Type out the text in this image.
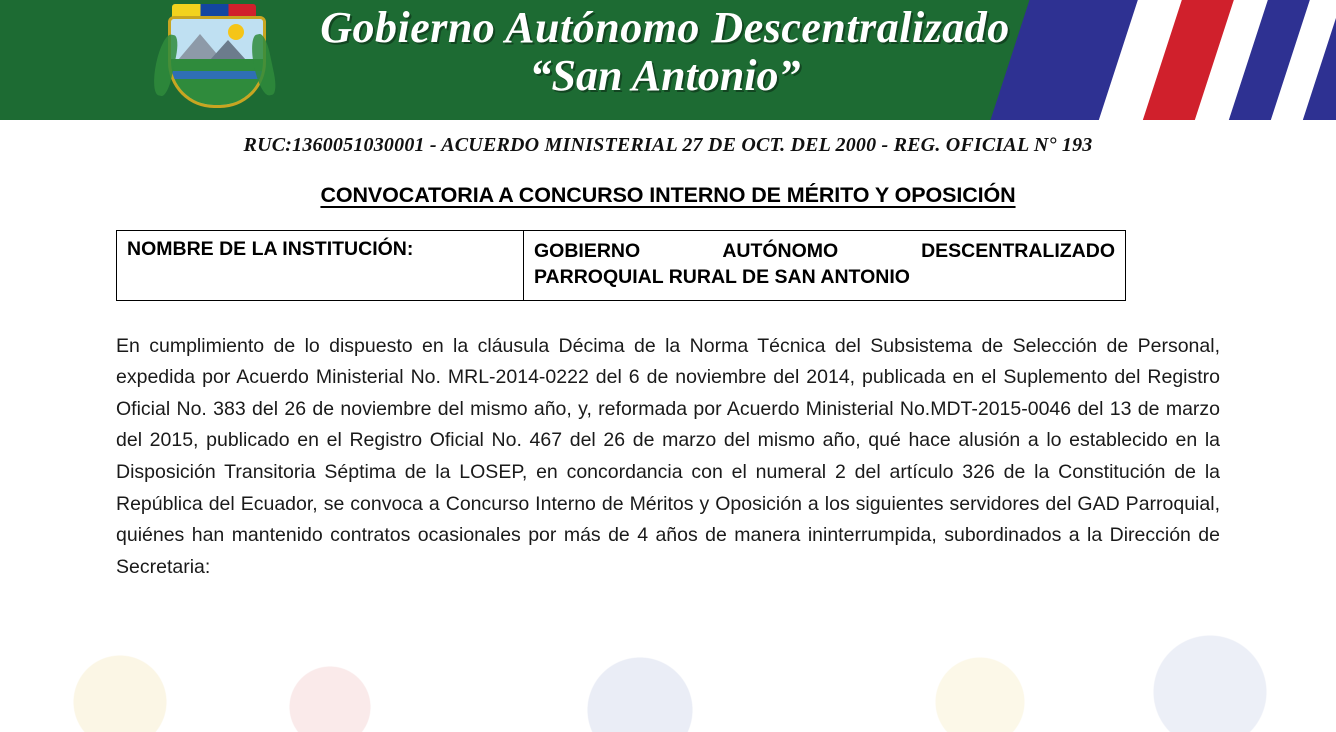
Gobierno Autónomo Descentralizado
“San Antonio”
RUC:1360051030001 - ACUERDO MINISTERIAL 27 DE OCT. DEL 2000 - REG. OFICIAL N° 193
CONVOCATORIA A CONCURSO INTERNO DE MÉRITO Y OPOSICIÓN
NOMBRE DE LA INSTITUCIÓN:	GOBIERNO AUTÓNOMO DESCENTRALIZADO
PARROQUIAL RURAL DE SAN ANTONIO

En cumplimiento de lo dispuesto en la cláusula Décima de la Norma Técnica del Subsistema de Selección de Personal, expedida por Acuerdo Ministerial No. MRL-2014-0222 del 6 de noviembre del 2014, publicada en el Suplemento del Registro Oficial No. 383 del 26 de noviembre del mismo año, y, reformada por Acuerdo Ministerial No.MDT-2015-0046 del 13 de marzo del 2015, publicado en el Registro Oficial No. 467 del 26 de marzo del mismo año, qué hace alusión a lo establecido en la Disposición Transitoria Séptima de la LOSEP, en concordancia con el numeral 2 del artículo 326 de la Constitución de la República del Ecuador, se convoca a Concurso Interno de Méritos y Oposición a los siguientes servidores del GAD Parroquial, quiénes han mantenido contratos ocasionales por más de 4 años de manera ininterrumpida, subordinados a la Dirección de Secretaria:
